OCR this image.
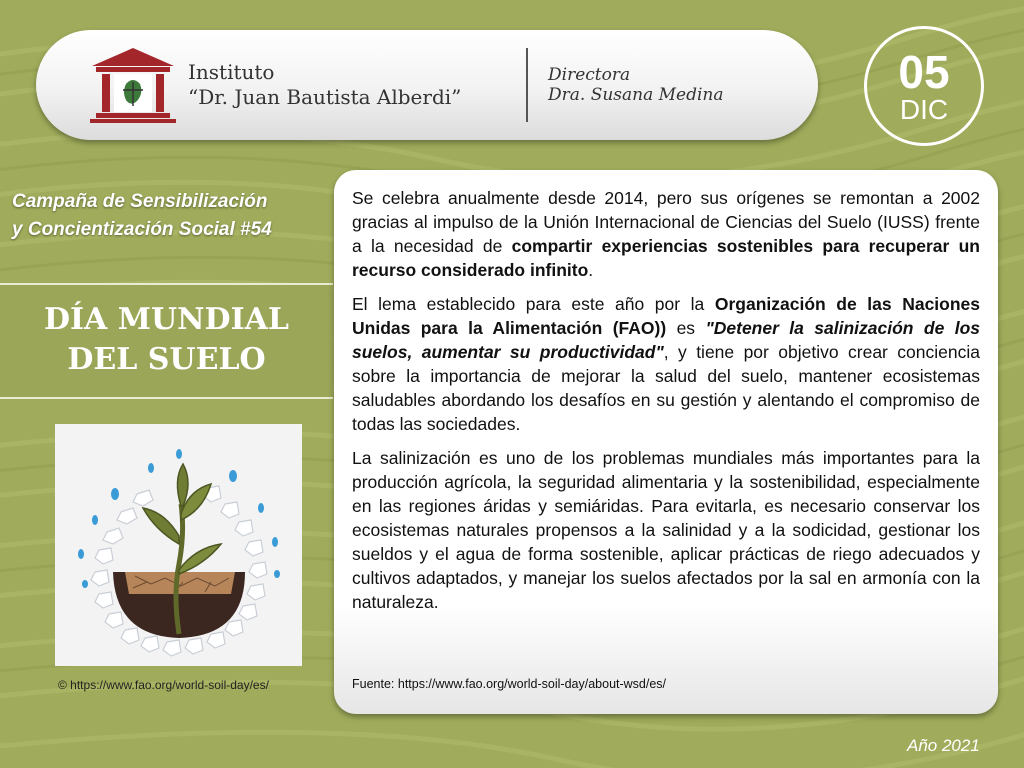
Instituto
“Dr. Juan Bautista Alberdi”
Directora
Dra. Susana Medina	05
DIC
Campaña de Sensibilización
y Concientización Social #54
DÍA MUNDIAL
DEL SUELO
© https://www.fao.org/world-soil-day/es/

Se celebra anualmente desde 2014, pero sus orígenes se remontan a 2002 gracias al impulso de la Unión Internacional de Ciencias del Suelo (IUSS) frente a la necesidad de compartir experiencias sostenibles para recuperar un recurso considerado infinito.

El lema establecido para este año por la Organización de las Naciones Unidas para la Alimentación (FAO)) es "Detener la salinización de los suelos, aumentar su productividad", y tiene por objetivo crear conciencia sobre la importancia de mejorar la salud del suelo, mantener ecosistemas saludables abordando los desafíos en su gestión y alentando el compromiso de todas las sociedades.

La salinización es uno de los problemas mundiales más importantes para la producción agrícola, la seguridad alimentaria y la sostenibilidad, especialmente en las regiones áridas y semiáridas. Para evitarla, es necesario conservar los ecosistemas naturales propensos a la salinidad y a la sodicidad, gestionar los sueldos y el agua de forma sostenible, aplicar prácticas de riego adecuados y cultivos adaptados, y manejar los suelos afectados por la sal en armonía con la naturaleza.

Fuente: https://www.fao.org/world-soil-day/about-wsd/es/
Año 2021
